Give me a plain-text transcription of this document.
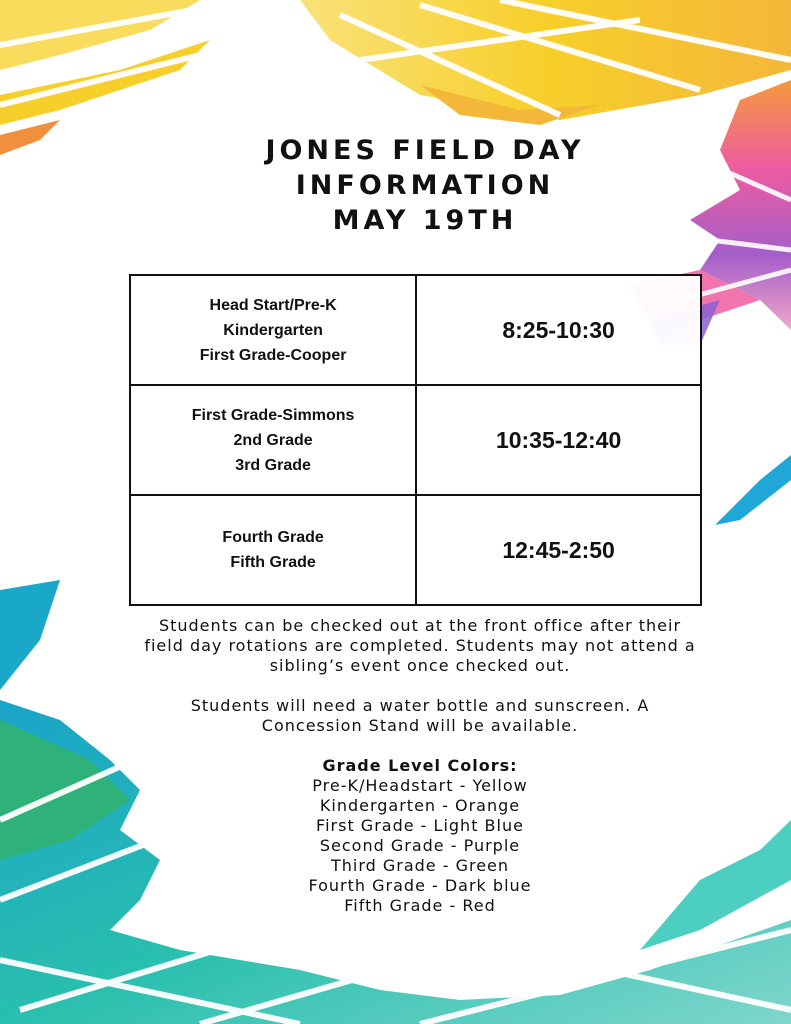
JONES FIELD DAY
INFORMATION
MAY 19TH
Head Start/Pre-K
Kindergarten
First Grade-Cooper	8:25-10:30

First Grade-Simmons
2nd Grade
3rd Grade	10:35-12:40

Fourth Grade
Fifth Grade	12:45-2:50

Students can be checked out at the front office after their field day rotations are completed. Students may not attend a sibling’s event once checked out.

Students will need a water bottle and sunscreen. A Concession Stand will be available.

Grade Level Colors:
Pre-K/Headstart - Yellow
Kindergarten - Orange
First Grade - Light Blue
Second Grade - Purple
Third Grade - Green
Fourth Grade - Dark blue
Fifth Grade - Red
